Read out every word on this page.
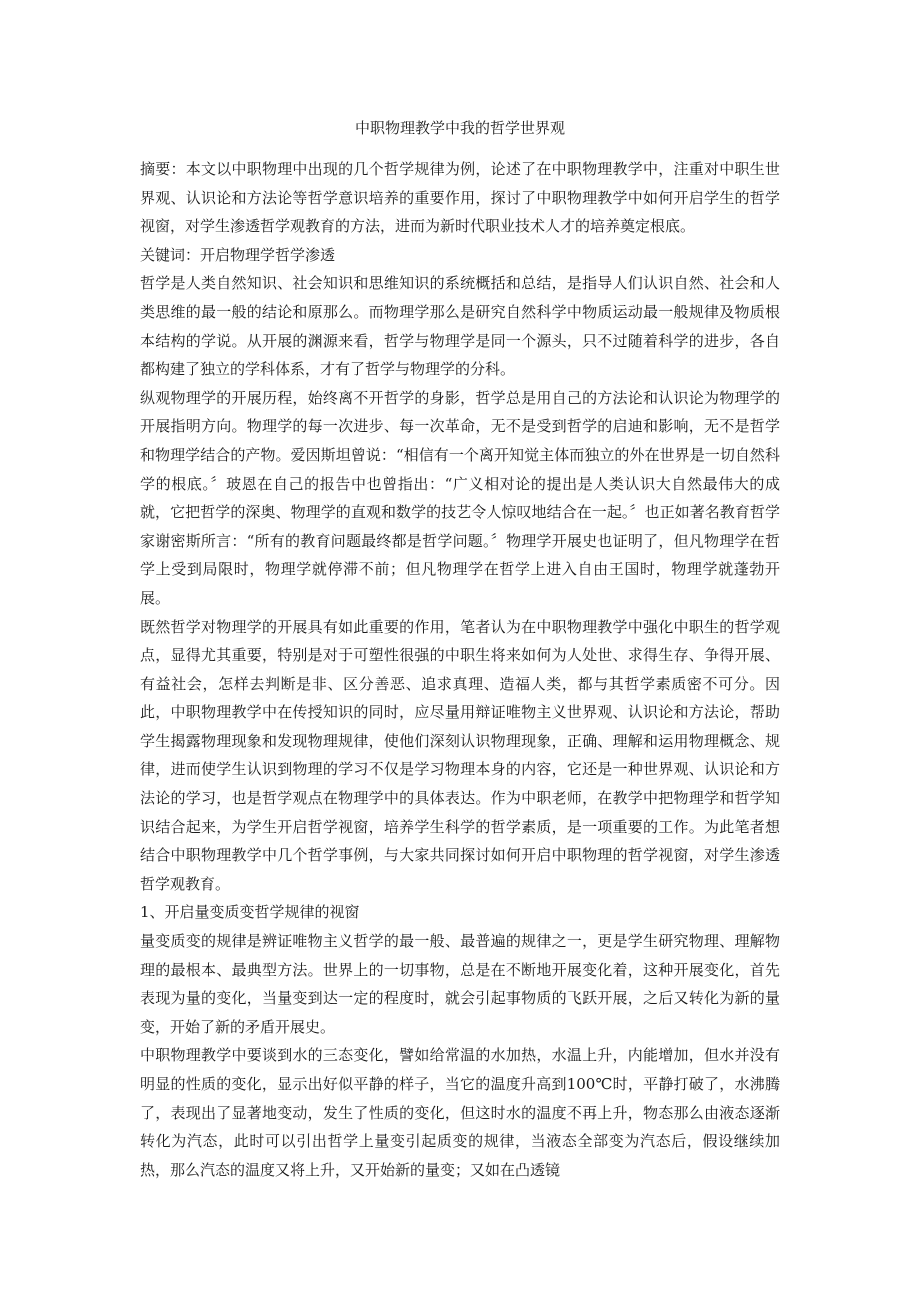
中职物理教学中我的哲学世界观

摘要：本文以中职物理中出现的几个哲学规律为例，论述了在中职物理教学中，注重对中职生世界观、认识论和方法论等哲学意识培养的重要作用，探讨了中职物理教学中如何开启学生的哲学视窗，对学生渗透哲学观教育的方法，进而为新时代职业技术人才的培养奠定根底。

关键词：开启物理学哲学渗透

哲学是人类自然知识、社会知识和思维知识的系统概括和总结，是指导人们认识自然、社会和人类思维的最一般的结论和原那么。而物理学那么是研究自然科学中物质运动最一般规律及物质根本结构的学说。从开展的渊源来看，哲学与物理学是同一个源头，只不过随着科学的进步，各自都构建了独立的学科体系，才有了哲学与物理学的分科。

纵观物理学的开展历程，始终离不开哲学的身影，哲学总是用自己的方法论和认识论为物理学的开展指明方向。物理学的每一次进步、每一次革命，无不是受到哲学的启迪和影响，无不是哲学和物理学结合的产物。爱因斯坦曾说：“相信有一个离开知觉主体而独立的外在世界是一切自然科学的根底。〞玻恩在自己的报告中也曾指出：“广义相对论的提出是人类认识大自然最伟大的成就，它把哲学的深奥、物理学的直观和数学的技艺令人惊叹地结合在一起。〞也正如著名教育哲学家谢密斯所言：“所有的教育问题最终都是哲学问题。〞物理学开展史也证明了，但凡物理学在哲学上受到局限时，物理学就停滞不前；但凡物理学在哲学上进入自由王国时，物理学就蓬勃开展。

既然哲学对物理学的开展具有如此重要的作用，笔者认为在中职物理教学中强化中职生的哲学观点，显得尤其重要，特别是对于可塑性很强的中职生将来如何为人处世、求得生存、争得开展、有益社会，怎样去判断是非、区分善恶、追求真理、造福人类，都与其哲学素质密不可分。因此，中职物理教学中在传授知识的同时，应尽量用辩证唯物主义世界观、认识论和方法论，帮助学生揭露物理现象和发现物理规律，使他们深刻认识物理现象，正确、理解和运用物理概念、规律，进而使学生认识到物理的学习不仅是学习物理本身的内容，它还是一种世界观、认识论和方法论的学习，也是哲学观点在物理学中的具体表达。作为中职老师，在教学中把物理学和哲学知识结合起来，为学生开启哲学视窗，培养学生科学的哲学素质，是一项重要的工作。为此笔者想结合中职物理教学中几个哲学事例，与大家共同探讨如何开启中职物理的哲学视窗，对学生渗透哲学观教育。

1、开启量变质变哲学规律的视窗

量变质变的规律是辨证唯物主义哲学的最一般、最普遍的规律之一，更是学生研究物理、理解物理的最根本、最典型方法。世界上的一切事物，总是在不断地开展变化着，这种开展变化，首先表现为量的变化，当量变到达一定的程度时，就会引起事物质的飞跃开展，之后又转化为新的量变，开始了新的矛盾开展史。

中职物理教学中要谈到水的三态变化，譬如给常温的水加热，水温上升，内能增加，但水并没有明显的性质的变化，显示出好似平静的样子，当它的温度升高到100℃时，平静打破了，水沸腾了，表现出了显著地变动，发生了性质的变化，但这时水的温度不再上升，物态那么由液态逐渐转化为汽态，此时可以引出哲学上量变引起质变的规律，当液态全部变为汽态后，假设继续加热，那么汽态的温度又将上升，又开始新的量变；又如在凸透镜
